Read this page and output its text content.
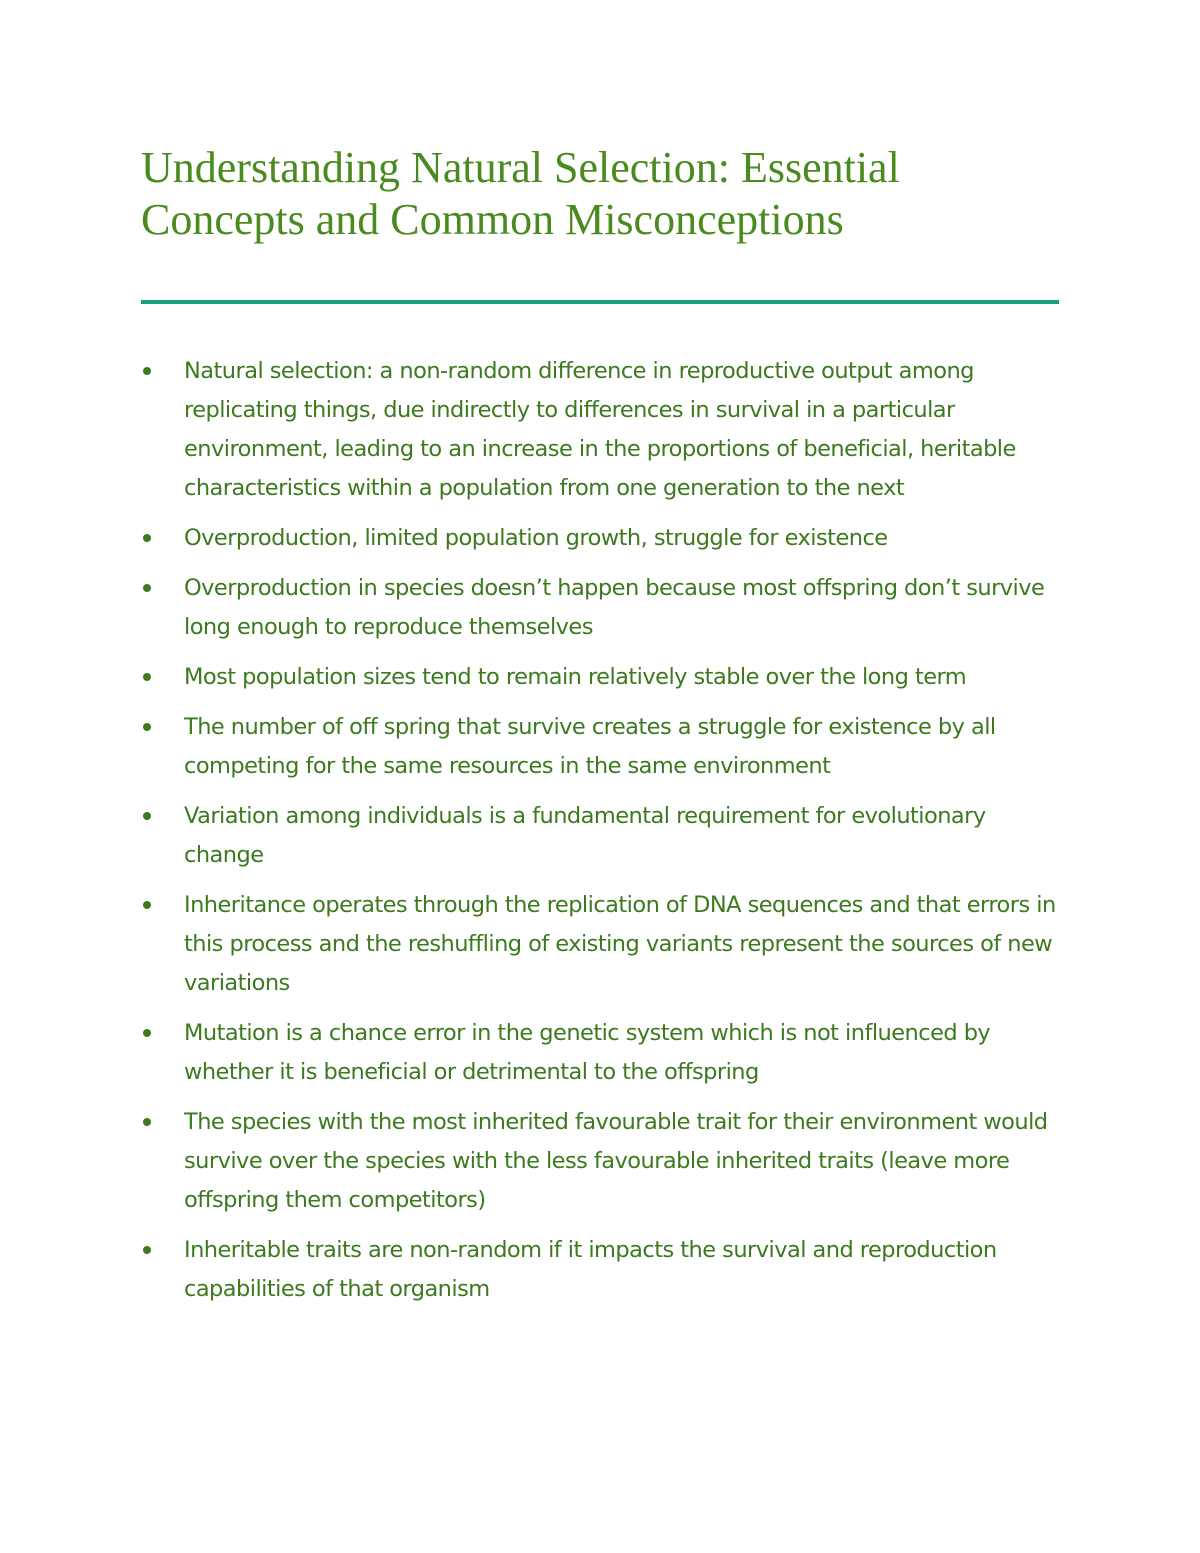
Understanding Natural Selection: Essential Concepts and Common Misconceptions
Natural selection: a non-random difference in reproductive output among replicating things, due indirectly to differences in survival in a particular environment, leading to an increase in the proportions of beneficial, heritable characteristics within a population from one generation to the next
Overproduction, limited population growth, struggle for existence
Overproduction in species doesn’t happen because most offspring don’t survive long enough to reproduce themselves
Most population sizes tend to remain relatively stable over the long term
The number of off spring that survive creates a struggle for existence by all competing for the same resources in the same environment
Variation among individuals is a fundamental requirement for evolutionary change
Inheritance operates through the replication of DNA sequences and that errors in this process and the reshuffling of existing variants represent the sources of new variations
Mutation is a chance error in the genetic system which is not influenced by whether it is beneficial or detrimental to the offspring
The species with the most inherited favourable trait for their environment would survive over the species with the less favourable inherited traits (leave more offspring them competitors)
Inheritable traits are non-random if it impacts the survival and reproduction capabilities of that organism
